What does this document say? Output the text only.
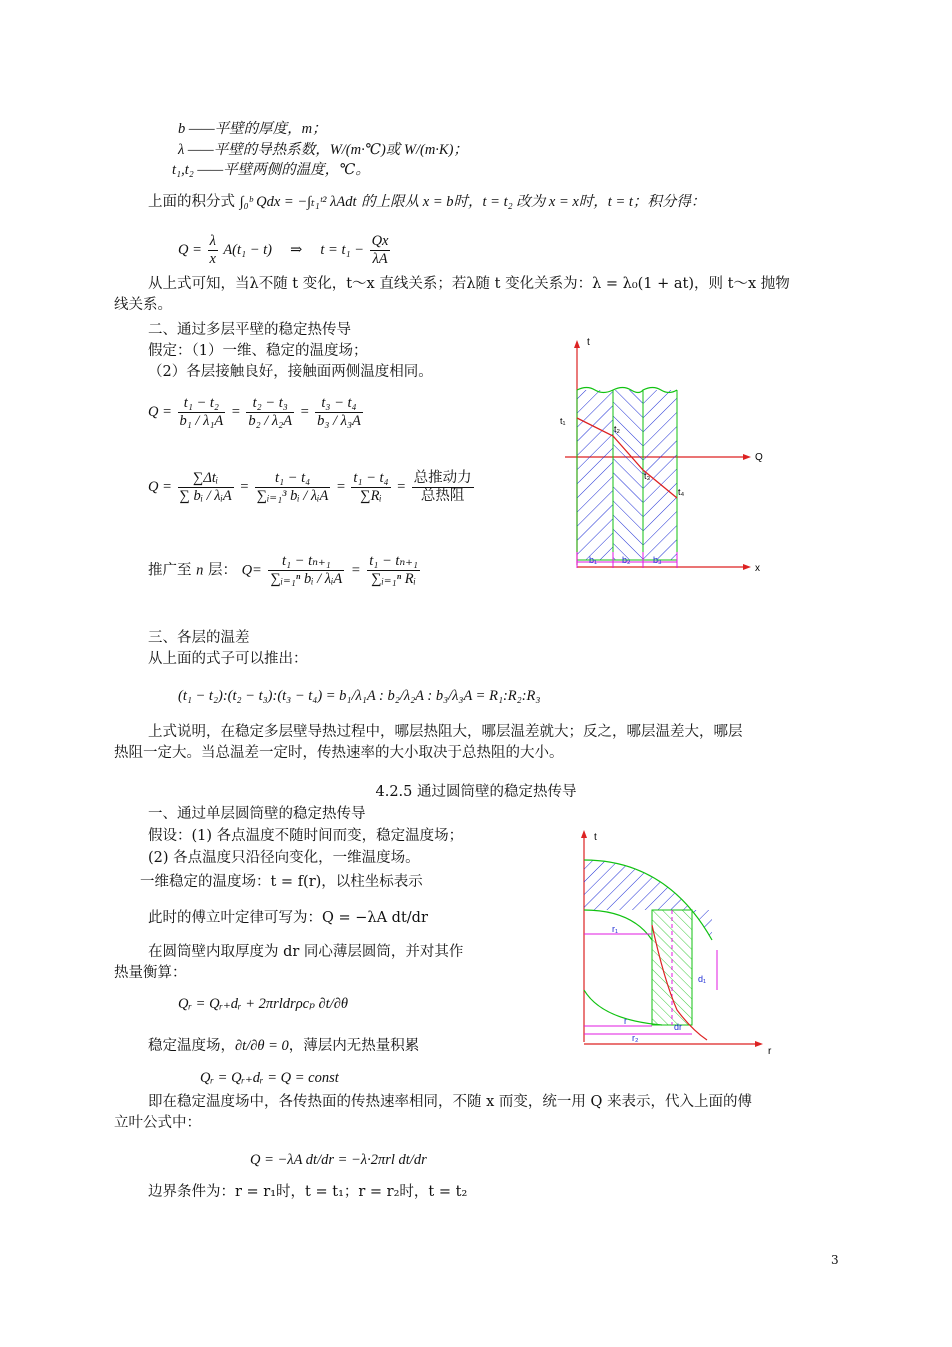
b ——平壁的厚度，m；
λ ——平壁的导热系数，W/(m·℃)或 W/(m·K)；
t₁,t₂ ——平壁两侧的温度，℃。
上面的积分式 ∫₀ᵇ Qdx = −∫ₜ₁ᵗ² λAdt 的上限从 x = b时，t = t₂ 改为 x = x时，t = t；积分得：
$Q = \frac{\lambda}{x} A(t_1 - t)$ ⇒ $t = t_1 - \frac{Qx}{\lambda A}$
从上式可知，当λ不随 t 变化，t～x 直线关系；若λ随 t 变化关系为：λ = λ₀(1 + at)，则 t～x 抛物
线关系。
二、通过多层平壁的稳定热传导
假定：（1）一维、稳定的温度场；
（2）各层接触良好，接触面两侧温度相同。
$Q = \frac{\text{t₁ − t₂}}{\text{b₁ / λ₁A}} = \frac{\text{t₂ − t₃}}{\text{b₂ / λ₂A}} = \frac{\text{t₃ − t₄}}{\text{b₃ / λ₃A}}$
$Q = \frac{\text{∑Δtᵢ}}{\text{∑ bᵢ / λᵢA}} = \frac{\text{t₁ − t₄}}{\text{∑ᵢ₌₁³ bᵢ / λᵢA}} = \frac{\text{t₁ − t₄}}{\text{∑Rᵢ}} = \frac{\text{总推动力}}{\text{总热阻}}$
推广至 n 层： $Q= \frac{\text{t₁ − tₙ₊₁}}{\text{∑ᵢ₌₁ⁿ bᵢ / λᵢA}} = \frac{\text{t₁ − tₙ₊₁}}{\text{∑ᵢ₌₁ⁿ Rᵢ}}$
t
Q
x
t₁
t₂
t₃
t₄
b₁	b₂	b₃
三、各层的温差
从上面的式子可以推出：
(t₁ − t₂):(t₂ − t₃):(t₃ − t₄) = b₁/λ₁A : b₂/λ₂A : b₃/λ₃A = R₁:R₂:R₃
上式说明，在稳定多层壁导热过程中，哪层热阻大，哪层温差就大；反之，哪层温差大，哪层
热阻一定大。当总温差一定时，传热速率的大小取决于总热阻的大小。
4.2.5 通过圆筒壁的稳定热传导
一、通过单层圆筒壁的稳定热传导
假设：(1) 各点温度不随时间而变，稳定温度场；
(2) 各点温度只沿径向变化，一维温度场。
一维稳定的温度场：t = f(r)，以柱坐标表示
此时的傅立叶定律可写为：Q = −λA dt/dr
在圆筒壁内取厚度为 dr 同心薄层圆筒，并对其作
热量衡算：
Qᵣ = Qᵣ₊dᵣ + 2πrldrρcₚ ∂t/∂θ
稳定温度场，∂t/∂θ = 0，薄层内无热量积累
Qᵣ = Qᵣ₊dᵣ = Q = const
即在稳定温度场中，各传热面的传热速率相同，不随 x 而变，统一用 Q 来表示，代入上面的傅
立叶公式中：
Q = −λA dt/dr = −λ·2πrl dt/dr
边界条件为：r = r₁时，t = t₁；r = r₂时，t = t₂
t
r
r₁
r
r₂
dr
d₁
3
